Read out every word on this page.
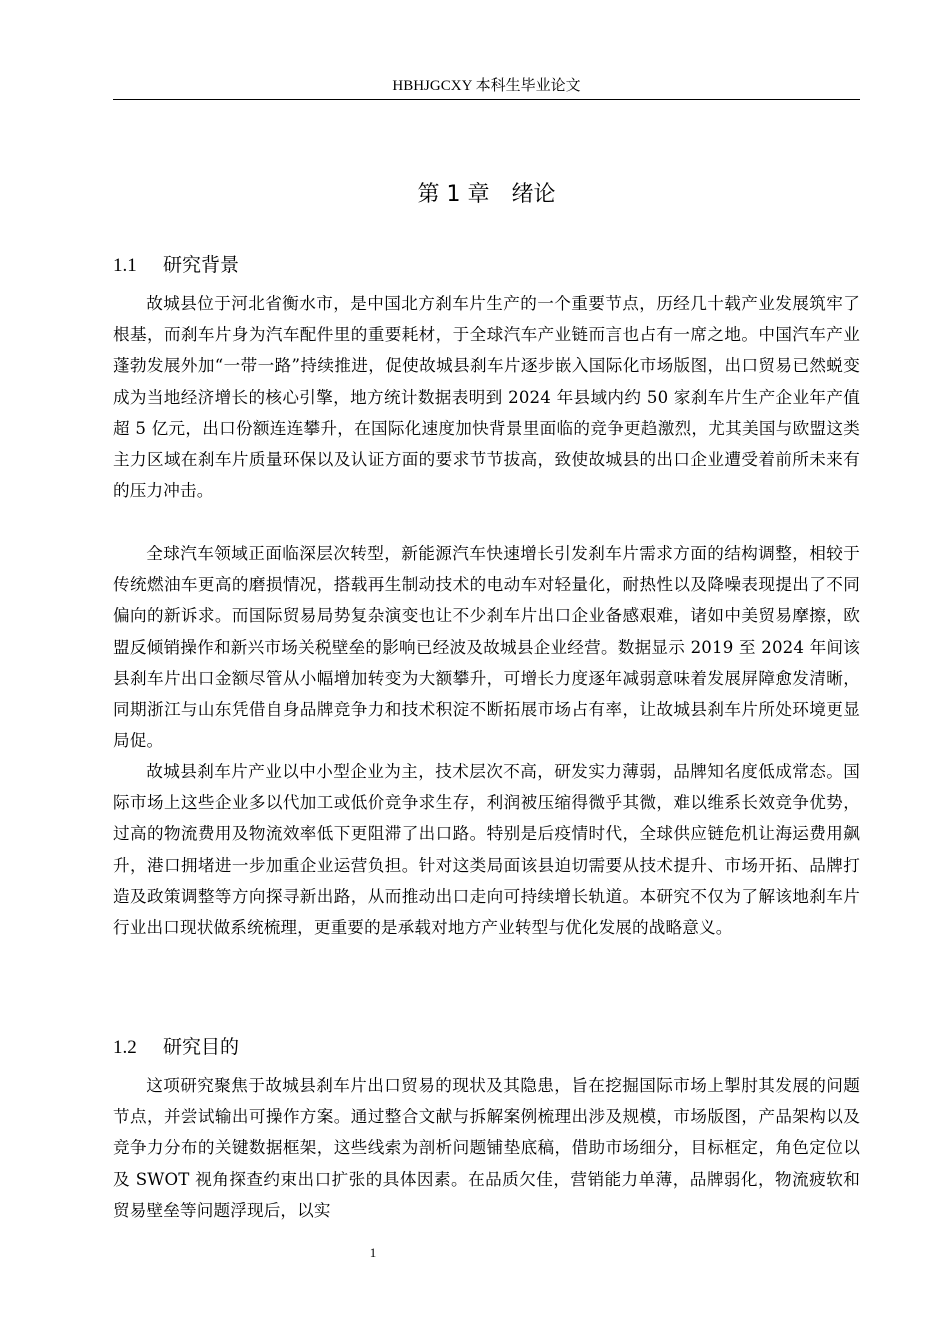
HBHJGCXY 本科生毕业论文
第 1 章　绪论
1.1 研究背景

故城县位于河北省衡水市，是中国北方刹车片生产的一个重要节点，历经几十载产业发展筑牢了根基，而刹车片身为汽车配件里的重要耗材，于全球汽车产业链而言也占有一席之地。中国汽车产业蓬勃发展外加“一带一路”持续推进，促使故城县刹车片逐步嵌入国际化市场版图，出口贸易已然蜕变成为当地经济增长的核心引擎，地方统计数据表明到 2024 年县域内约 50 家刹车片生产企业年产值超 5 亿元，出口份额连连攀升，在国际化速度加快背景里面临的竞争更趋激烈，尤其美国与欧盟这类主力区域在刹车片质量环保以及认证方面的要求节节拔高，致使故城县的出口企业遭受着前所未来有的压力冲击。

全球汽车领域正面临深层次转型，新能源汽车快速增长引发刹车片需求方面的结构调整，相较于传统燃油车更高的磨损情况，搭载再生制动技术的电动车对轻量化，耐热性以及降噪表现提出了不同偏向的新诉求。而国际贸易局势复杂演变也让不少刹车片出口企业备感艰难，诸如中美贸易摩擦，欧盟反倾销操作和新兴市场关税壁垒的影响已经波及故城县企业经营。数据显示 2019 至 2024 年间该县刹车片出口金额尽管从小幅增加转变为大额攀升，可增长力度逐年减弱意味着发展屏障愈发清晰，同期浙江与山东凭借自身品牌竞争力和技术积淀不断拓展市场占有率，让故城县刹车片所处环境更显局促。

故城县刹车片产业以中小型企业为主，技术层次不高，研发实力薄弱，品牌知名度低成常态。国际市场上这些企业多以代加工或低价竞争求生存，利润被压缩得微乎其微，难以维系长效竞争优势，过高的物流费用及物流效率低下更阻滞了出口路。特别是后疫情时代，全球供应链危机让海运费用飙升，港口拥堵进一步加重企业运营负担。针对这类局面该县迫切需要从技术提升、市场开拓、品牌打造及政策调整等方向探寻新出路，从而推动出口走向可持续增长轨道。本研究不仅为了解该地刹车片行业出口现状做系统梳理，更重要的是承载对地方产业转型与优化发展的战略意义。

1.2 研究目的

这项研究聚焦于故城县刹车片出口贸易的现状及其隐患，旨在挖掘国际市场上掣肘其发展的问题节点，并尝试输出可操作方案。通过整合文献与拆解案例梳理出涉及规模，市场版图，产品架构以及竞争力分布的关键数据框架，这些线索为剖析问题铺垫底稿，借助市场细分，目标框定，角色定位以及 SWOT 视角探查约束出口扩张的具体因素。在品质欠佳，营销能力单薄，品牌弱化，物流疲软和贸易壁垒等问题浮现后，以实

1
